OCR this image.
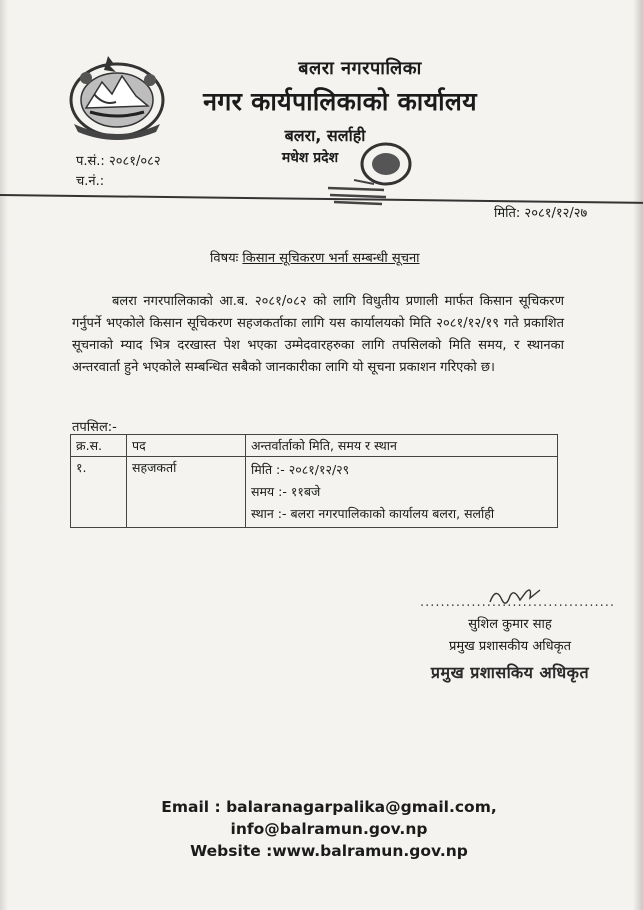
बलरा नगरपालिका
नगर कार्यपालिकाको कार्यालय
बलरा, सर्लाही
मधेश प्रदेश
प.सं.: २०८१/०८२
च.नं.:
मिति: २०८१/१२/२७
विषयः किसान सूचिकरण भर्ना सम्बन्धी सूचना
बलरा नगरपालिकाको आ.ब. २०८१/०८२ को लागि विधुतीय प्रणाली मार्फत किसान सूचिकरण गर्नुपर्ने भएकोले किसान सूचिकरण सहजकर्ताका लागि यस कार्यालयको मिति २०८१/१२/१९ गते प्रकाशित सूचनाको म्याद भित्र दरखास्त पेश भएका उम्मेदवारहरुका लागि तपसिलको मिति समय, र स्थानका अन्तरवार्ता हुने भएकोले सम्बन्धित सबैको जानकारीका लागि यो सूचना प्रकाशन गरिएको छ।
तपसिल:-
क्र.स.	पद	अन्तर्वार्ताको मिति, समय र स्थान
१.	सहजकर्ता	मिति :- २०८१/१२/२९
समय :- ११बजे
स्थान :- बलरा नगरपालिकाको कार्यालय बलरा, सर्लाही
......................................
सुशिल कुमार साह
प्रमुख प्रशासकीय अधिकृत
प्रमुख प्रशासकिय अधिकृत
Email : balaranagarpalika@gmail.com, info@balramun.gov.np
Website :www.balramun.gov.np
